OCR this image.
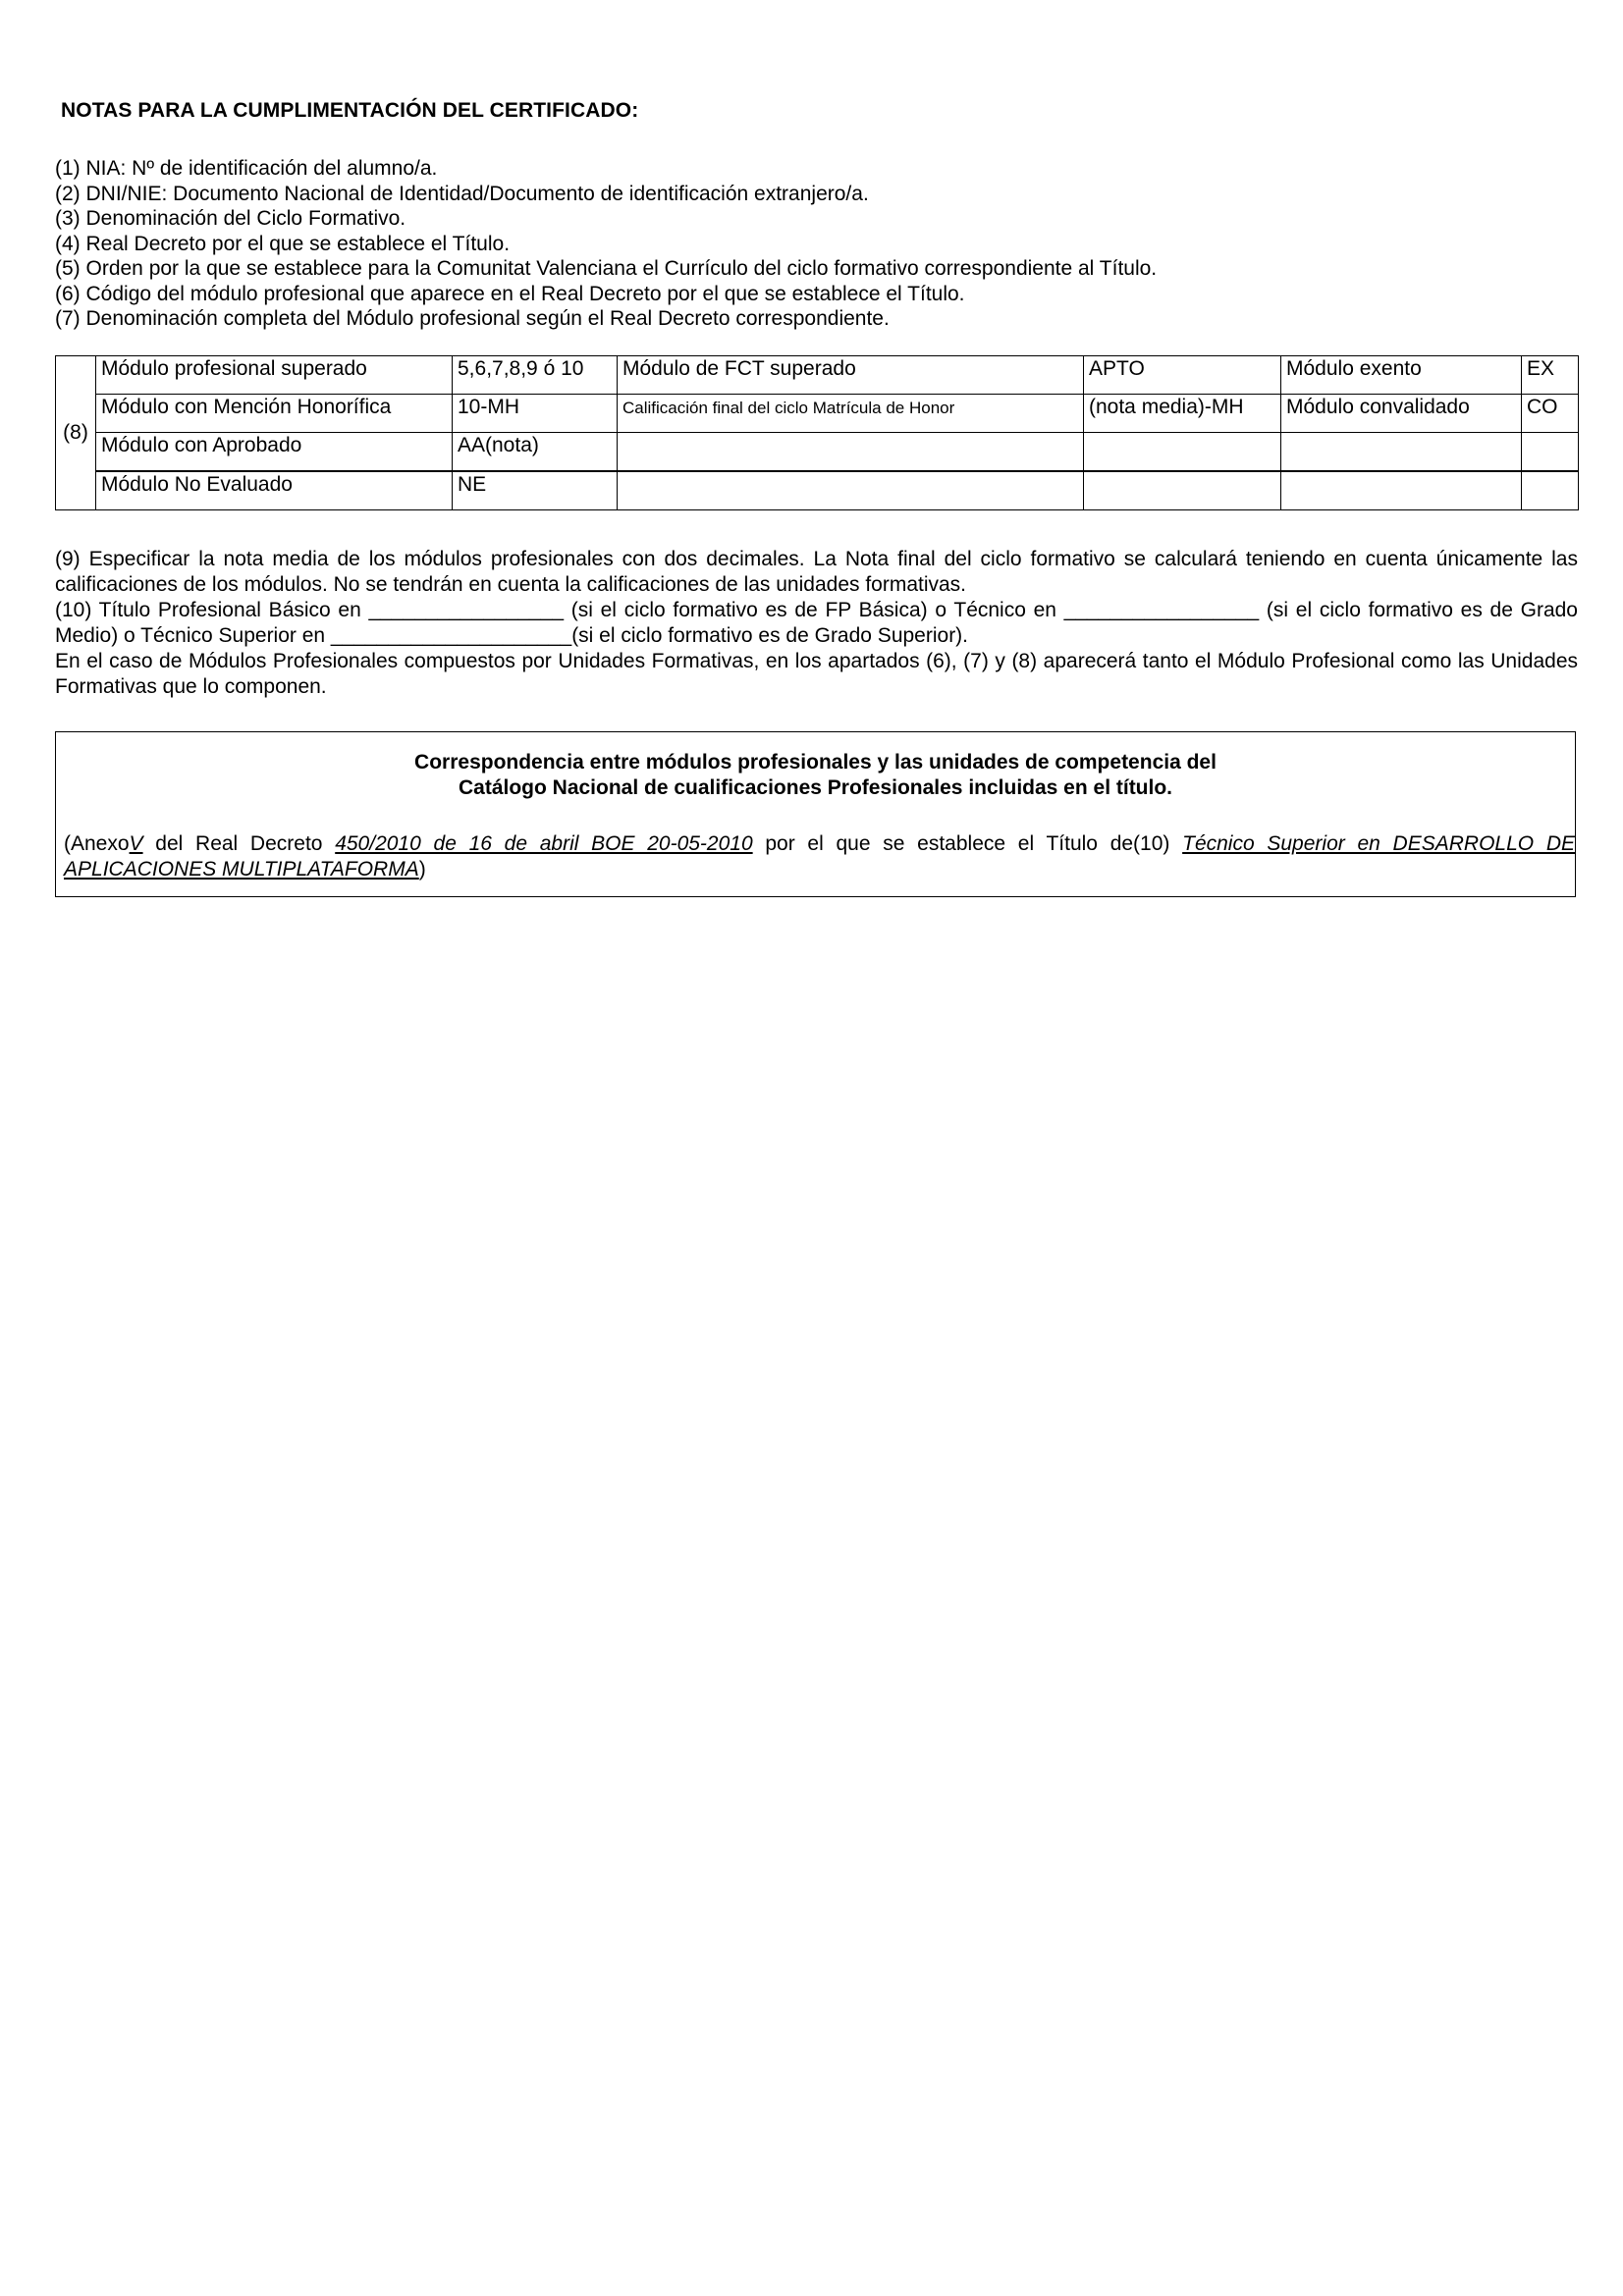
NOTAS PARA LA CUMPLIMENTACIÓN DEL CERTIFICADO:
(1) NIA: Nº de identificación del alumno/a.
(2) DNI/NIE: Documento Nacional de Identidad/Documento de identificación extranjero/a.
(3) Denominación del Ciclo Formativo.
(4) Real Decreto por el que se establece el Título.
(5) Orden por la que se establece para la Comunitat Valenciana el Currículo del ciclo formativo correspondiente al Título.
(6) Código del módulo profesional que aparece en el Real Decreto por el que se establece el Título.
(7) Denominación completa del Módulo profesional según el Real Decreto correspondiente.
(8)	Módulo profesional superado	5,6,7,8,9 ó 10	Módulo de FCT superado	APTO	Módulo exento	EX
	Módulo con Mención Honorífica	10-MH	Calificación final del ciclo Matrícula de Honor	(nota media)-MH	Módulo convalidado	CO
	Módulo con Aprobado	AA(nota)				
	Módulo No Evaluado	NE				

(9) Especificar la nota media de los módulos profesionales con dos decimales. La Nota final del ciclo formativo se calculará teniendo en cuenta únicamente las calificaciones de los módulos. No se tendrán en cuenta la calificaciones de las unidades formativas.

(10) Título Profesional Básico en _________________ (si el ciclo formativo es de FP Básica) o Técnico en _________________ (si el ciclo formativo es de Grado Medio) o Técnico Superior en _____________________(si el ciclo formativo es de Grado Superior).

En el caso de Módulos Profesionales compuestos por Unidades Formativas, en los apartados (6), (7) y (8) aparecerá tanto el Módulo Profesional como las Unidades Formativas que lo componen.

Correspondencia entre módulos profesionales y las unidades de competencia del
Catálogo Nacional de cualificaciones Profesionales incluidas en el título.
(AnexoV del Real Decreto 450/2010 de 16 de abril BOE 20-05-2010 por el que se establece el Título de(10) Técnico Superior en DESARROLLO DE APLICACIONES MULTIPLATAFORMA)
